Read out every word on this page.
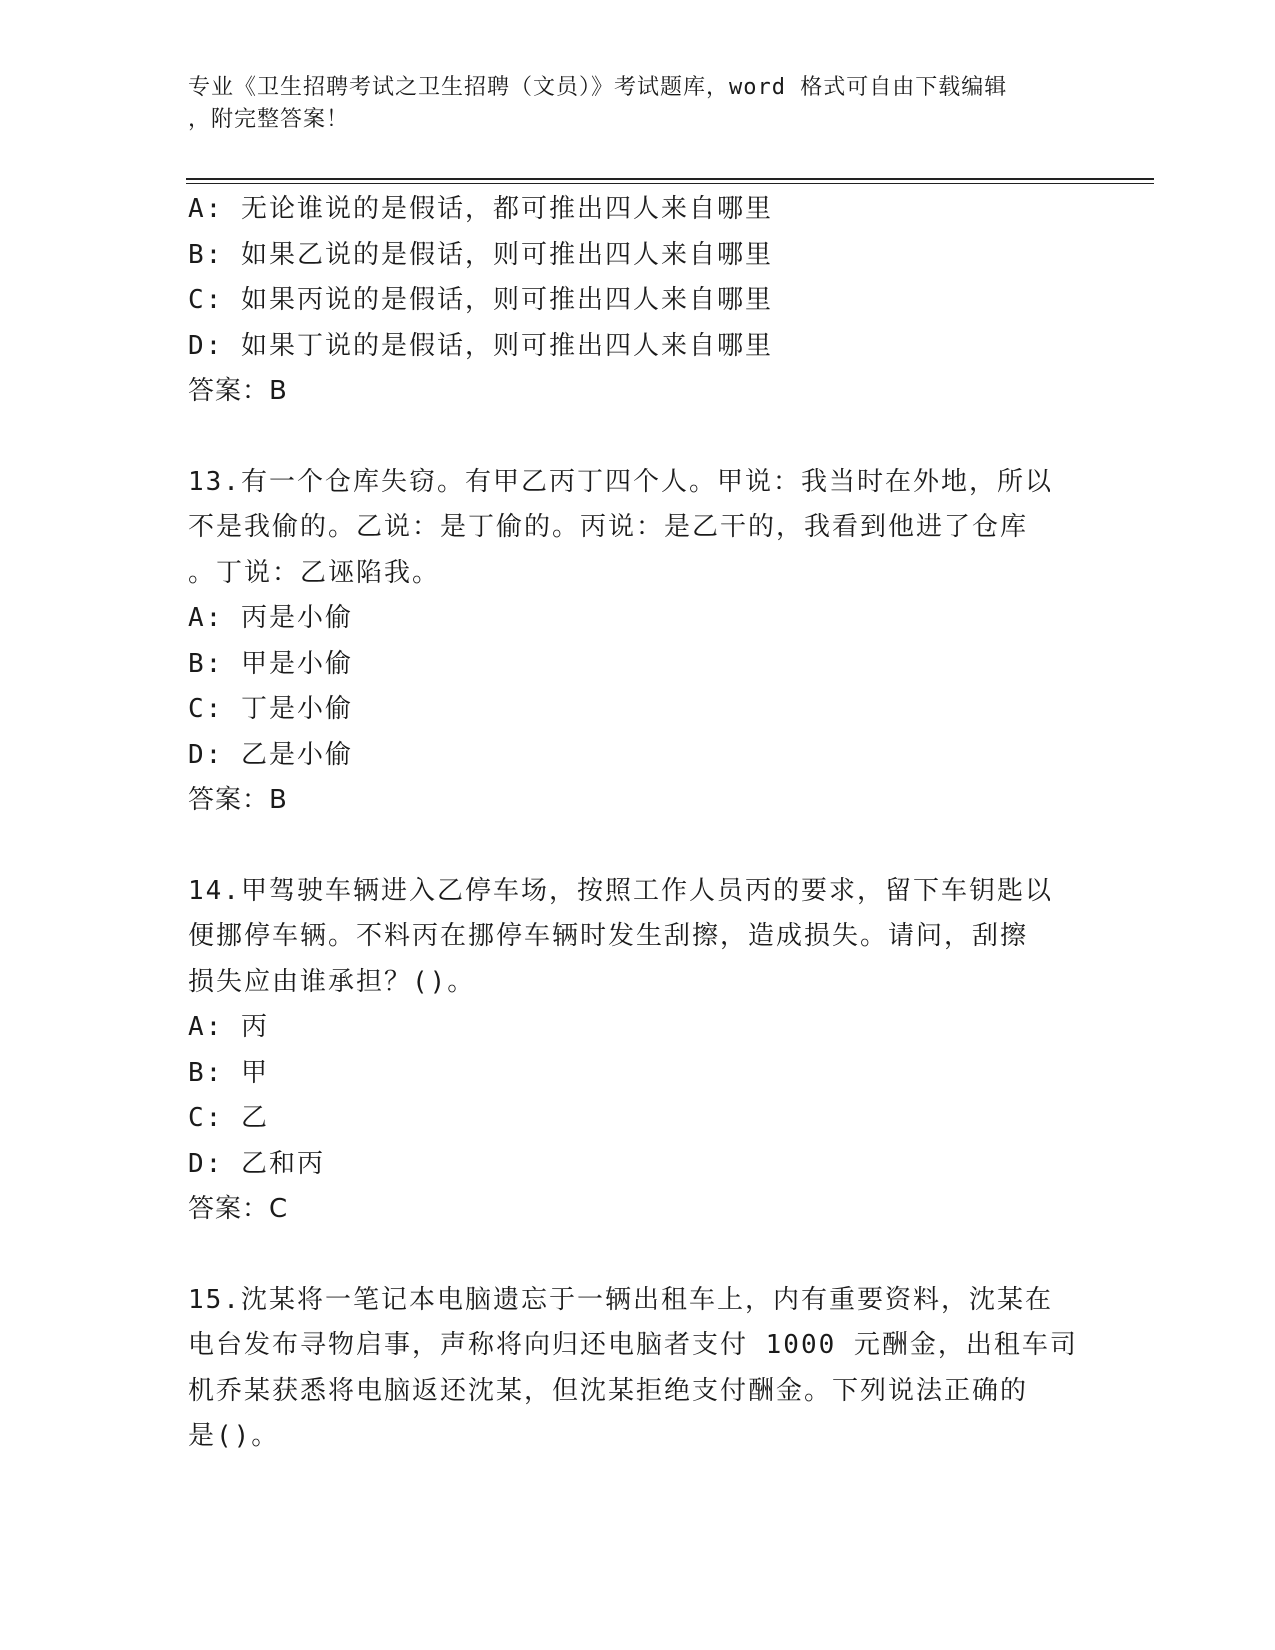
专业《卫生招聘考试之卫生招聘（文员）》考试题库，word 格式可自由下载编辑
，附完整答案！
A: 无论谁说的是假话，都可推出四人来自哪里
B: 如果乙说的是假话，则可推出四人来自哪里
C: 如果丙说的是假话，则可推出四人来自哪里
D: 如果丁说的是假话，则可推出四人来自哪里
答案：B
13.有一个仓库失窃。有甲乙丙丁四个人。甲说：我当时在外地，所以
不是我偷的。乙说：是丁偷的。丙说：是乙干的，我看到他进了仓库
。丁说：乙诬陷我。
A: 丙是小偷
B: 甲是小偷
C: 丁是小偷
D: 乙是小偷
答案：B
14.甲驾驶车辆进入乙停车场，按照工作人员丙的要求，留下车钥匙以
便挪停车辆。不料丙在挪停车辆时发生刮擦，造成损失。请问，刮擦
损失应由谁承担？()。
A: 丙
B: 甲
C: 乙
D: 乙和丙
答案：C
15.沈某将一笔记本电脑遗忘于一辆出租车上，内有重要资料，沈某在
电台发布寻物启事，声称将向归还电脑者支付 1000 元酬金，出租车司
机乔某获悉将电脑返还沈某，但沈某拒绝支付酬金。下列说法正确的
是()。
